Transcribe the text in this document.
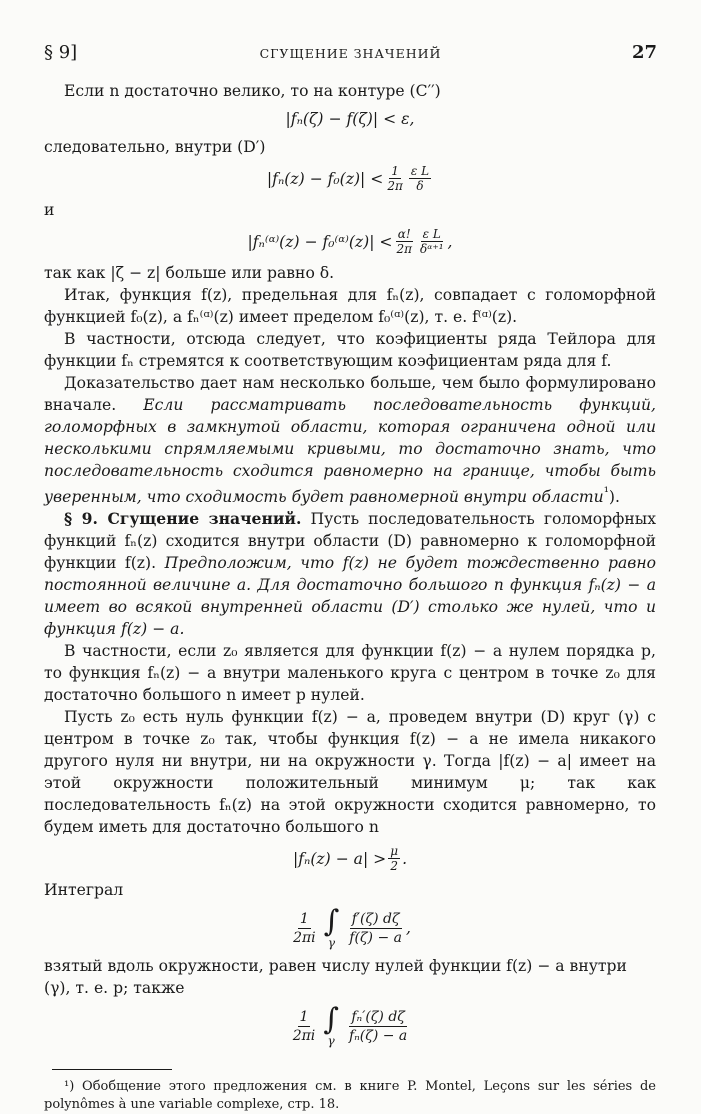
§ 9]	СГУЩЕНИЕ ЗНАЧЕНИЙ	27

Если n достаточно велико, то на контуре (C′′)

|fₙ(ζ) − f(ζ)| < ε,

следовательно, внутри (D′)

$|f_n(z) - f_0(z)| < \frac{1}{2\pi} \frac{\text{ε L}}{\delta}$

и

|fₙ⁽ᵅ⁾(z) − f₀⁽ᵅ⁾(z)| < $\frac{\alpha!}{2\pi} \frac{\text{ε L}}{\text{δᵅ⁺¹}}$ ,

так как |ζ − z| больше или равно δ.

Итак, функция f(z), предельная для fₙ(z), совпадает с голоморфной функцией f₀(z), а fₙ⁽ᵅ⁾(z) имеет пределом f₀⁽ᵅ⁾(z), т. е. f⁽ᵅ⁾(z).

В частности, отсюда следует, что коэфициенты ряда Тейлора для функции fₙ стремятся к соответствующим коэфициентам ряда для f.

Доказательство дает нам несколько больше, чем было формулировано вначале. Если рассматривать последовательность функций, голоморфных в замкнутой области, которая ограничена одной или несколькими спрямляемыми кривыми, то достаточно знать, что последовательность сходится равномерно на границе, чтобы быть уверенным, что сходимость будет равномерной внутри области$^{^1}$).

§ 9. Сгущение значений. Пусть последовательность голоморфных функций fₙ(z) сходится внутри области (D) равномерно к голоморфной функции f(z). Предположим, что f(z) не будет тождественно равно постоянной величине a. Для достаточно большого n функция fₙ(z) − a имеет во всякой внутренней области (D′) столько же нулей, что и функция f(z) − a.

В частности, если z₀ является для функции f(z) − a нулем порядка p, то функция fₙ(z) − a внутри маленького круга с центром в точке z₀ для достаточно большого n имеет p нулей.

Пусть z₀ есть нуль функции f(z) − a, проведем внутри (D) круг (γ) с центром в точке z₀ так, чтобы функция f(z) − a не имела никакого другого нуля ни внутри, ни на окружности γ. Тогда |f(z) − a| имеет на этой окружности положительный минимум μ; так как последовательность fₙ(z) на этой окружности сходится равномерно, то будем иметь для достаточно большого n

$|f_n(z) - a| > \frac{\mu}{2}$ .

Интеграл

$\frac{1}{2\pi i}$ ∫
γ $\frac{f'(\zeta) d\zeta}{f(\zeta) - a}$ ,

взятый вдоль окружности, равен числу нулей функции f(z) − a внутри (γ), т. е. p; также

$\frac{1}{2\pi i}$ ∫
γ $\frac{\text{fₙ′(ζ) dζ}}{\text{fₙ(ζ) − a}}$

¹) Обобщение этого предложения см. в книге P. Montel, Leçons sur les séries de polynômes à une variable complexe, стр. 18.
